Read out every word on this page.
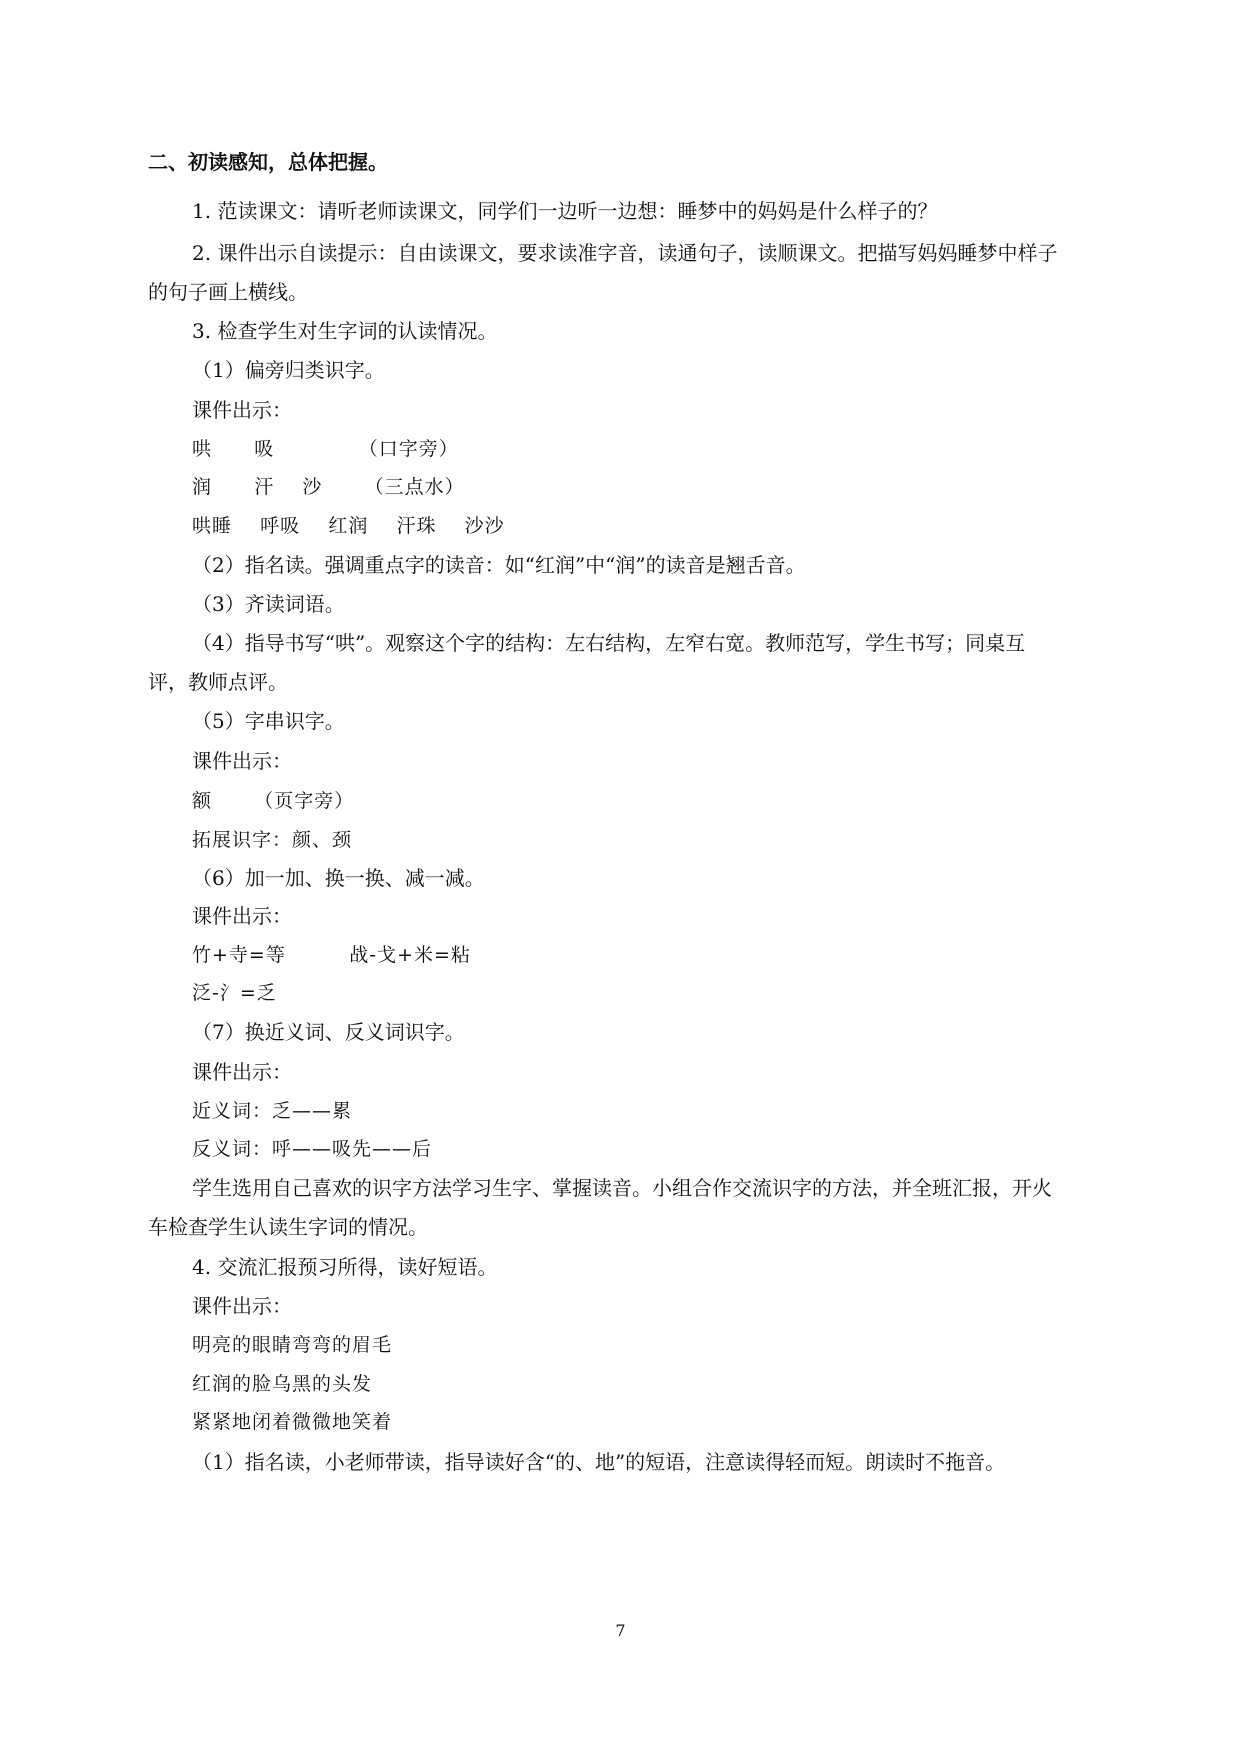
二、初读感知，总体把握。
1. 范读课文：请听老师读课文，同学们一边听一边想：睡梦中的妈妈是什么样子的？
2. 课件出示自读提示：自由读课文，要求读准字音，读通句子，读顺课文。把描写妈妈睡梦中样子
的句子画上横线。
3. 检查学生对生字词的认读情况。
（1）偏旁归类识字。
课件出示：
哄      吸            （口字旁）
润      汗    沙      （三点水）
哄睡    呼吸    红润    汗珠    沙沙
（2）指名读。强调重点字的读音：如“红润”中“润”的读音是翘舌音。
（3）齐读词语。
（4）指导书写“哄”。观察这个字的结构：左右结构，左窄右宽。教师范写，学生书写；同桌互
评，教师点评。
（5）字串识字。
课件出示：
额      （页字旁）
拓展识字：颜、颈
（6）加一加、换一换、减一减。
课件出示：
竹+寺=等         战-戈+米=粘
泛-氵=乏
（7）换近义词、反义词识字。
课件出示：
近义词：乏——累
反义词：呼——吸先——后
学生选用自己喜欢的识字方法学习生字、掌握读音。小组合作交流识字的方法，并全班汇报，开火
车检查学生认读生字词的情况。
4. 交流汇报预习所得，读好短语。
课件出示：
明亮的眼睛弯弯的眉毛
红润的脸乌黑的头发
紧紧地闭着微微地笑着
（1）指名读，小老师带读，指导读好含“的、地”的短语，注意读得轻而短。朗读时不拖音。
7
